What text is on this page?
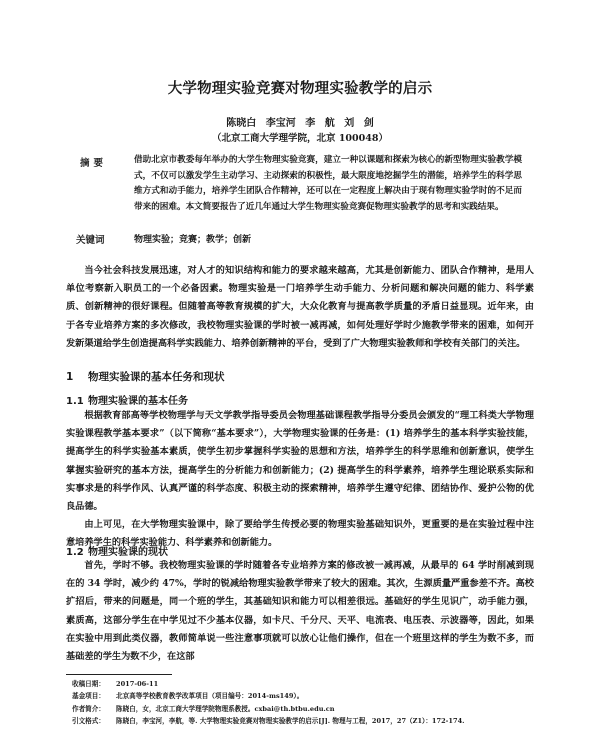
大学物理实验竞赛对物理实验教学的启示
陈晓白 李宝河 李 航 刘 剑
（北京工商大学理学院，北京 100048）
摘要	借助北京市教委每年举办的大学生物理实验竞赛，建立一种以课题和探索为核心的新型物理实验教学模式，不仅可以激发学生主动学习、主动探索的积极性，最大限度地挖掘学生的潜能，培养学生的科学思维方式和动手能力，培养学生团队合作精神，还可以在一定程度上解决由于现有物理实验学时的不足而带来的困难。本文简要报告了近几年通过大学生物理实验竞赛促物理实验教学的思考和实践结果。
关键词	物理实验；竞赛；教学；创新

当今社会科技发展迅速，对人才的知识结构和能力的要求越来越高，尤其是创新能力、团队合作精神，是用人单位考察新入职员工的一个必备因素。物理实验是一门培养学生动手能力、分析问题和解决问题的能力、科学素质、创新精神的很好课程。但随着高等教育规模的扩大，大众化教育与提高教学质量的矛盾日益显现。近年来，由于各专业培养方案的多次修改，我校物理实验课的学时被一减再减，如何处理好学时少施教学带来的困难，如何开发新渠道给学生创造提高科学实践能力、培养创新精神的平台，受到了广大物理实验教师和学校有关部门的关注。

1 物理实验课的基本任务和现状
1.1 物理实验课的基本任务

根据教育部高等学校物理学与天文学教学指导委员会物理基础课程教学指导分委员会颁发的“理工科类大学物理实验课程教学基本要求”（以下简称“基本要求”），大学物理实验课的任务是：(1) 培养学生的基本科学实验技能，提高学生的科学实验基本素质，使学生初步掌握科学实验的思想和方法，培养学生的科学思维和创新意识，使学生掌握实验研究的基本方法，提高学生的分析能力和创新能力；(2) 提高学生的科学素养，培养学生理论联系实际和实事求是的科学作风、认真严谨的科学态度、积极主动的探索精神，培养学生遵守纪律、团结协作、爱护公物的优良品德。

由上可见，在大学物理实验课中，除了要给学生传授必要的物理实验基础知识外，更重要的是在实验过程中注意培养学生的科学实验能力、科学素养和创新能力。

1.2 物理实验课的现状

首先，学时不够。我校物理实验课的学时随着各专业培养方案的修改被一减再减，从最早的 64 学时削减到现在的 34 学时，减少约 47%，学时的锐减给物理实验教学带来了较大的困难。其次，生源质量严重参差不齐。高校扩招后，带来的问题是，同一个班的学生，其基础知识和能力可以相差很远。基础好的学生见识广，动手能力强，素质高，这部分学生在中学见过不少基本仪器，如卡尺、千分尺、天平、电流表、电压表、示波器等，因此，如果在实验中用到此类仪器，教师简单说一些注意事项就可以放心让他们操作，但在一个班里这样的学生为数不多，而基础差的学生为数不少，在这部

收稿日期： 2017-06-11
基金项目： 北京高等学校教育教学改革项目（项目编号：2014-ms149）。
作者简介： 陈晓白，女，北京工商大学理学院物理系教授。cxbai@th.btbu.edu.cn
引文格式： 陈晓白，李宝河，李航，等. 大学物理实验竞赛对物理实验教学的启示[J]. 物理与工程，2017，27（Z1）：172-174.
